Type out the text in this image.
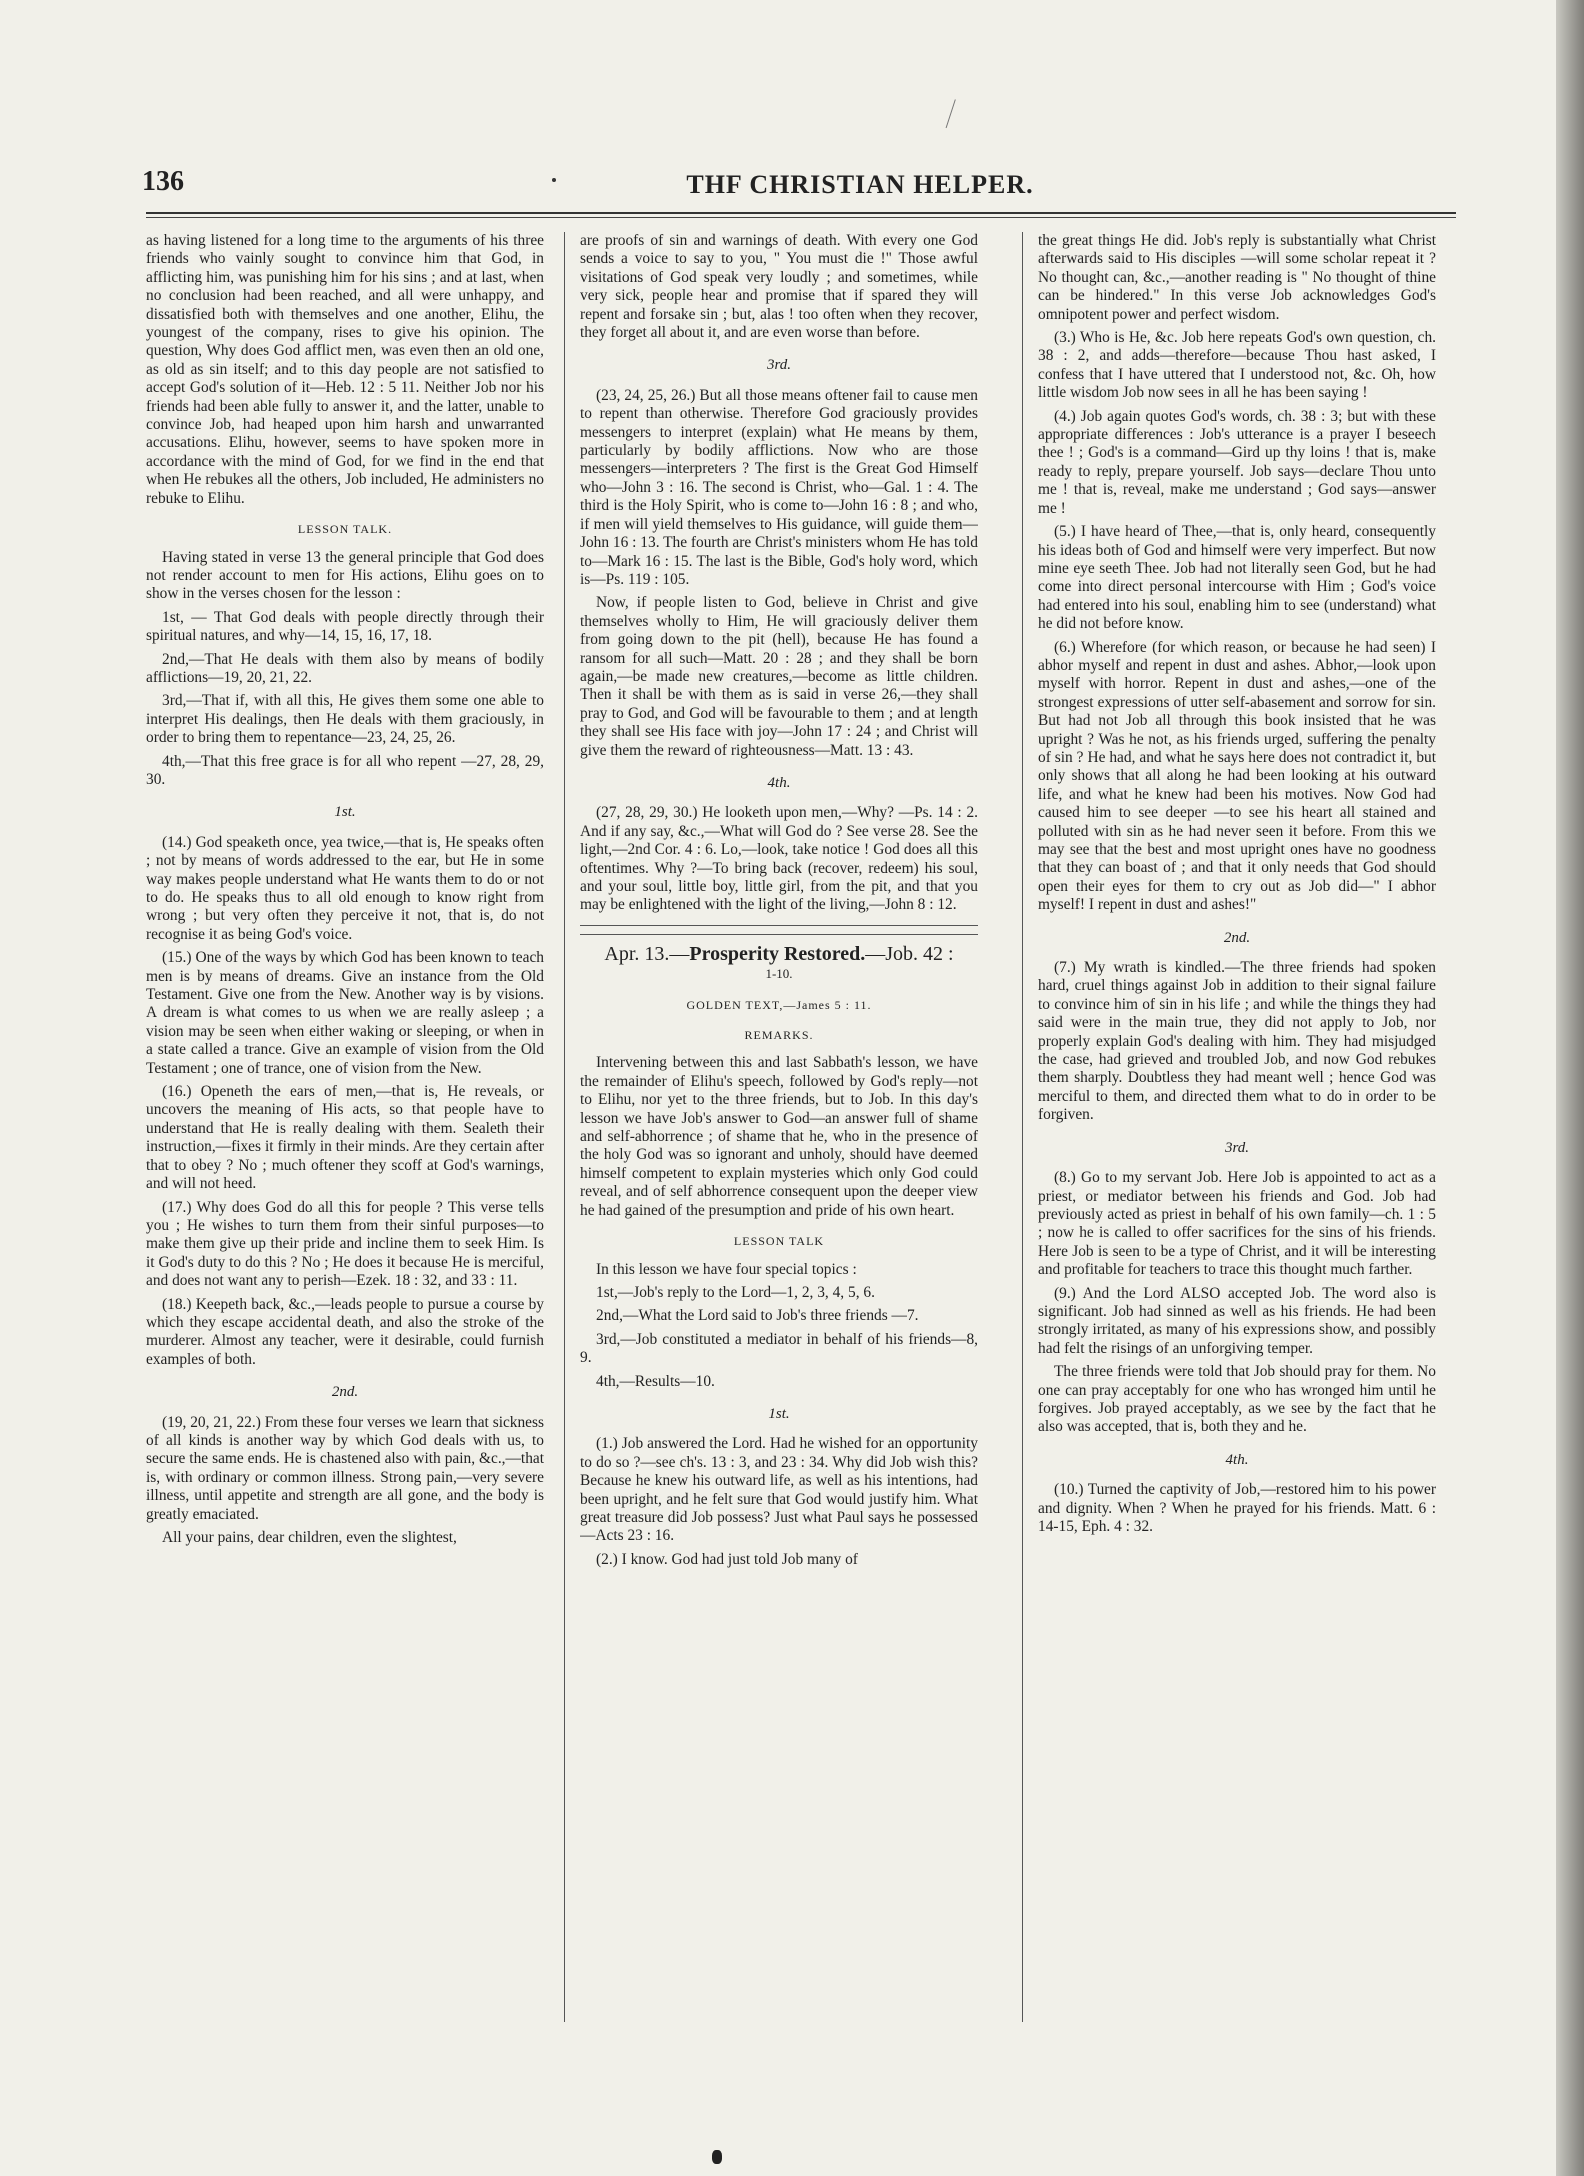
136	THF CHRISTIAN HELPER.

as having listened for a long time to the arguments of his three friends who vainly sought to convince him that God, in afflicting him, was punishing him for his sins ; and at last, when no conclusion had been reached, and all were unhappy, and dissatisfied both with themselves and one another, Elihu, the youngest of the company, rises to give his opinion. The question, Why does God afflict men, was even then an old one, as old as sin itself; and to this day people are not satisfied to accept God's solution of it—Heb. 12 : 5 11. Neither Job nor his friends had been able fully to answer it, and the latter, unable to convince Job, had heaped upon him harsh and unwarranted accusations. Elihu, however, seems to have spoken more in accordance with the mind of God, for we find in the end that when He rebukes all the others, Job included, He administers no rebuke to Elihu.

LESSON TALK.

Having stated in verse 13 the general principle that God does not render account to men for His actions, Elihu goes on to show in the verses chosen for the lesson :

1st, — That God deals with people directly through their spiritual natures, and why—14, 15, 16, 17, 18.

2nd,—That He deals with them also by means of bodily afflictions—19, 20, 21, 22.

3rd,—That if, with all this, He gives them some one able to interpret His dealings, then He deals with them graciously, in order to bring them to repentance—23, 24, 25, 26.

4th,—That this free grace is for all who repent —27, 28, 29, 30.

1st.

(14.) God speaketh once, yea twice,—that is, He speaks often ; not by means of words addressed to the ear, but He in some way makes people understand what He wants them to do or not to do. He speaks thus to all old enough to know right from wrong ; but very often they perceive it not, that is, do not recognise it as being God's voice.

(15.) One of the ways by which God has been known to teach men is by means of dreams. Give an instance from the Old Testament. Give one from the New. Another way is by visions. A dream is what comes to us when we are really asleep ; a vision may be seen when either waking or sleeping, or when in a state called a trance. Give an example of vision from the Old Testament ; one of trance, one of vision from the New.

(16.) Openeth the ears of men,—that is, He reveals, or uncovers the meaning of His acts, so that people have to understand that He is really dealing with them. Sealeth their instruction,—fixes it firmly in their minds. Are they certain after that to obey ? No ; much oftener they scoff at God's warnings, and will not heed.

(17.) Why does God do all this for people ? This verse tells you ; He wishes to turn them from their sinful purposes—to make them give up their pride and incline them to seek Him. Is it God's duty to do this ? No ; He does it because He is merciful, and does not want any to perish—Ezek. 18 : 32, and 33 : 11.

(18.) Keepeth back, &c.,—leads people to pursue a course by which they escape accidental death, and also the stroke of the murderer. Almost any teacher, were it desirable, could furnish examples of both.

2nd.

(19, 20, 21, 22.) From these four verses we learn that sickness of all kinds is another way by which God deals with us, to secure the same ends. He is chastened also with pain, &c.,—that is, with ordinary or common illness. Strong pain,—very severe illness, until appetite and strength are all gone, and the body is greatly emaciated.

All your pains, dear children, even the slightest,

are proofs of sin and warnings of death. With every one God sends a voice to say to you, " You must die !" Those awful visitations of God speak very loudly ; and sometimes, while very sick, people hear and promise that if spared they will repent and forsake sin ; but, alas ! too often when they recover, they forget all about it, and are even worse than before.

3rd.

(23, 24, 25, 26.) But all those means oftener fail to cause men to repent than otherwise. Therefore God graciously provides messengers to interpret (explain) what He means by them, particularly by bodily afflictions. Now who are those messengers—interpreters ? The first is the Great God Himself who—John 3 : 16. The second is Christ, who—Gal. 1 : 4. The third is the Holy Spirit, who is come to—John 16 : 8 ; and who, if men will yield themselves to His guidance, will guide them—John 16 : 13. The fourth are Christ's ministers whom He has told to—Mark 16 : 15. The last is the Bible, God's holy word, which is—Ps. 119 : 105.

Now, if people listen to God, believe in Christ and give themselves wholly to Him, He will graciously deliver them from going down to the pit (hell), because He has found a ransom for all such—Matt. 20 : 28 ; and they shall be born again,—be made new creatures,—become as little children. Then it shall be with them as is said in verse 26,—they shall pray to God, and God will be favourable to them ; and at length they shall see His face with joy—John 17 : 24 ; and Christ will give them the reward of righteousness—Matt. 13 : 43.

4th.

(27, 28, 29, 30.) He looketh upon men,—Why? —Ps. 14 : 2. And if any say, &c.,—What will God do ? See verse 28. See the light,—2nd Cor. 4 : 6. Lo,—look, take notice ! God does all this oftentimes. Why ?—To bring back (recover, redeem) his soul, and your soul, little boy, little girl, from the pit, and that you may be enlightened with the light of the living,—John 8 : 12.

Apr. 13.—Prosperity Restored.—Job. 42 :
1-10.
GOLDEN TEXT,—James 5 : 11.
REMARKS.

Intervening between this and last Sabbath's lesson, we have the remainder of Elihu's speech, followed by God's reply—not to Elihu, nor yet to the three friends, but to Job. In this day's lesson we have Job's answer to God—an answer full of shame and self-abhorrence ; of shame that he, who in the presence of the holy God was so ignorant and unholy, should have deemed himself competent to explain mysteries which only God could reveal, and of self abhorrence consequent upon the deeper view he had gained of the presumption and pride of his own heart.

LESSON TALK

In this lesson we have four special topics :

1st,—Job's reply to the Lord—1, 2, 3, 4, 5, 6.

2nd,—What the Lord said to Job's three friends —7.

3rd,—Job constituted a mediator in behalf of his friends—8, 9.

4th,—Results—10.

1st.

(1.) Job answered the Lord. Had he wished for an opportunity to do so ?—see ch's. 13 : 3, and 23 : 34. Why did Job wish this? Because he knew his outward life, as well as his intentions, had been upright, and he felt sure that God would justify him. What great treasure did Job possess? Just what Paul says he possessed—Acts 23 : 16.

(2.) I know. God had just told Job many of

the great things He did. Job's reply is substantially what Christ afterwards said to His disciples —will some scholar repeat it ? No thought can, &c.,—another reading is " No thought of thine can be hindered." In this verse Job acknowledges God's omnipotent power and perfect wisdom.

(3.) Who is He, &c. Job here repeats God's own question, ch. 38 : 2, and adds—therefore—because Thou hast asked, I confess that I have uttered that I understood not, &c. Oh, how little wisdom Job now sees in all he has been saying !

(4.) Job again quotes God's words, ch. 38 : 3; but with these appropriate differences : Job's utterance is a prayer I beseech thee ! ; God's is a command—Gird up thy loins ! that is, make ready to reply, prepare yourself. Job says—declare Thou unto me ! that is, reveal, make me understand ; God says—answer me !

(5.) I have heard of Thee,—that is, only heard, consequently his ideas both of God and himself were very imperfect. But now mine eye seeth Thee. Job had not literally seen God, but he had come into direct personal intercourse with Him ; God's voice had entered into his soul, enabling him to see (understand) what he did not before know.

(6.) Wherefore (for which reason, or because he had seen) I abhor myself and repent in dust and ashes. Abhor,—look upon myself with horror. Repent in dust and ashes,—one of the strongest expressions of utter self-abasement and sorrow for sin. But had not Job all through this book insisted that he was upright ? Was he not, as his friends urged, suffering the penalty of sin ? He had, and what he says here does not contradict it, but only shows that all along he had been looking at his outward life, and what he knew had been his motives. Now God had caused him to see deeper —to see his heart all stained and polluted with sin as he had never seen it before. From this we may see that the best and most upright ones have no goodness that they can boast of ; and that it only needs that God should open their eyes for them to cry out as Job did—" I abhor myself! I repent in dust and ashes!"

2nd.

(7.) My wrath is kindled.—The three friends had spoken hard, cruel things against Job in addition to their signal failure to convince him of sin in his life ; and while the things they had said were in the main true, they did not apply to Job, nor properly explain God's dealing with him. They had misjudged the case, had grieved and troubled Job, and now God rebukes them sharply. Doubtless they had meant well ; hence God was merciful to them, and directed them what to do in order to be forgiven.

3rd.

(8.) Go to my servant Job. Here Job is appointed to act as a priest, or mediator between his friends and God. Job had previously acted as priest in behalf of his own family—ch. 1 : 5 ; now he is called to offer sacrifices for the sins of his friends. Here Job is seen to be a type of Christ, and it will be interesting and profitable for teachers to trace this thought much farther.

(9.) And the Lord ALSO accepted Job. The word also is significant. Job had sinned as well as his friends. He had been strongly irritated, as many of his expressions show, and possibly had felt the risings of an unforgiving temper.

The three friends were told that Job should pray for them. No one can pray acceptably for one who has wronged him until he forgives. Job prayed acceptably, as we see by the fact that he also was accepted, that is, both they and he.

4th.

(10.) Turned the captivity of Job,—restored him to his power and dignity. When ? When he prayed for his friends. Matt. 6 : 14-15, Eph. 4 : 32.
